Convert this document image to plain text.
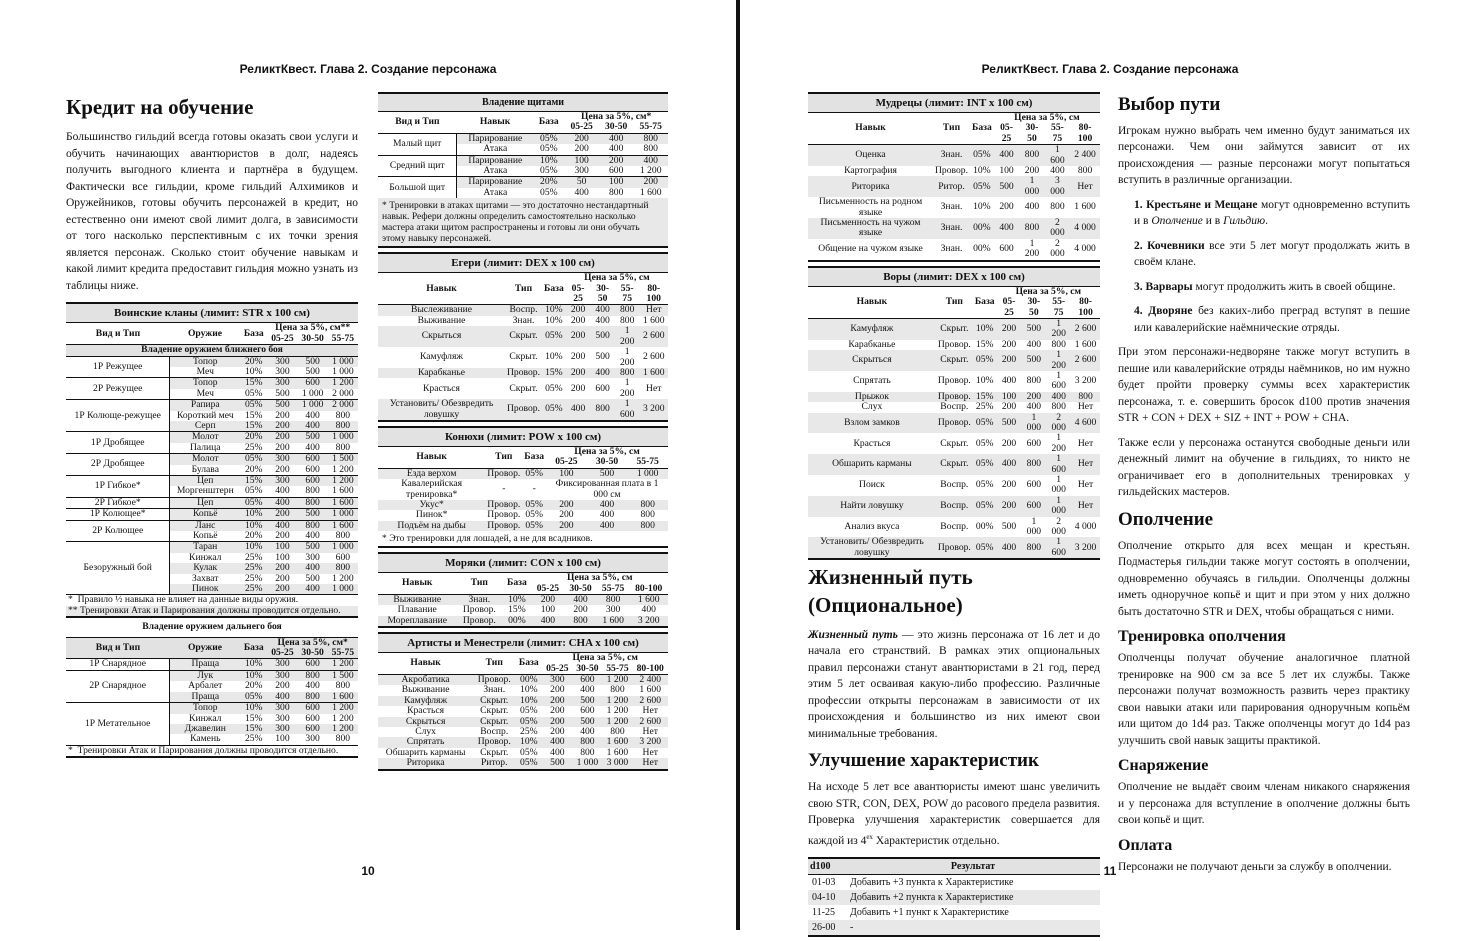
РеликтКвест. Глава 2. Создание персонажа
Кредит на обучение

Большинство гильдий всегда готовы оказать свои услуги и обучить начинающих авантюристов в долг, надеясь получить выгодного клиента и партнёра в будущем. Фактически все гильдии, кроме гильдий Алхимиков и Оружейников, готовы обучить персонажей в кредит, но естественно они имеют свой лимит долга, в зависимости от того насколько перспективным с их точки зрения является персонаж. Сколько стоит обучение навыкам и какой лимит кредита предоставит гильдия можно узнать из таблицы ниже.

Воинские кланы (лимит: STR x 100 см)
Вид и Тип	Оружие	База	Цена за 5%, см**		
			05-25	30-50	55-75
Владение оружием ближнего боя					
1Р Режущее	Топор	20%	300	500	1 000
	Меч	10%	300	500	1 000
2Р Режущее	Топор	15%	300	600	1 200
	Меч	05%	500	1 000	2 000
1Р Колюще-режущее	Рапира	05%	500	1 000	2 000
	Короткий меч	15%	200	400	800
	Серп	15%	200	400	800
1Р Дробящее	Молот	20%	200	500	1 000
	Палица	25%	200	400	800
2Р Дробящее	Молот	05%	300	600	1 500
	Булава	20%	200	600	1 200
1Р Гибкое*	Цеп	15%	300	600	1 200
	Моргенштерн	05%	400	800	1 600
2Р Гибкое*	Цеп	05%	400	800	1 600
1Р Колющее*	Копьё	10%	200	500	1 000
2Р Колющее	Ланс	10%	400	800	1 600
	Копьё	20%	200	400	800
Безоружный бой	Таран	10%	100	500	1 000
	Кинжал	25%	100	300	600
	Кулак	25%	200	400	800
	Захват	25%	200	500	1 200
	Пинок	25%	200	400	1 000
*  Правило ½ навыка не влияет на данные виды оружия.					
** Тренировки Атак и Парирования должны проводится отдельно.					
Владение оружием дальнего боя					
Вид и Тип	Оружие	База	Цена за 5%, см*		
			05-25	30-50	55-75
1Р Снарядное	Праща	10%	300	600	1 200
2Р Снарядное	Лук	10%	300	800	1 500
	Арбалет	20%	200	400	800
	Праща	05%	400	800	1 600
1Р Метательное	Топор	10%	300	600	1 200
	Кинжал	15%	300	600	1 200
	Джавелин	15%	300	600	1 200
	Камень	25%	100	300	800
*  Тренировки Атак и Парирования должны проводится отдельно.					
Владение щитами
Вид и Тип	Навык	База	Цена за 5%, см*		
			05-25	30-50	55-75
Малый щит	Парирование	05%	200	400	800
	Атака	05%	200	400	800
Средний щит	Парирование	10%	100	200	400
	Атака	05%	300	600	1 200
Большой щит	Парирование	20%	50	100	200
	Атака	05%	400	800	1 600
* Тренировки в атаках щитами — это достаточно нестандартный навык. Рефери должны определить самостоятельно насколько мастера атаки щитом распространены и готовы ли они обучать этому навыку персонажей.
Егери (лимит: DEX x 100 см)
Навык	Тип	База	Цена за 5%, см			
			05-25	30-50	55-75	80-100
Выслеживание	Воспр.	10%	200	400	800	Нет
Выживание	Знан.	10%	200	400	800	1 600
Скрыться	Скрыт.	05%	200	500	1 200	2 600
Камуфляж	Скрыт.	10%	200	500	1 200	2 600
Карабканье	Провор.	15%	200	400	800	1 600
Красться	Скрыт.	05%	200	600	1 200	Нет
Установить/ Обезвредить ловушку	Провор.	05%	400	800	1 600	3 200
Конюхи (лимит: POW x 100 см)
Навык	Тип	База	Цена за 5%, см		
			05-25	30-50	55-75
Езда верхом	Провор.	05%	100	500	1 000
Кавалерийская тренировка*	-	-	Фиксированная плата в 1 000 см		
Укус*	Провор.	05%	200	400	800
Пинок*	Провор.	05%	200	400	800
Подъём на дыбы	Провор.	05%	200	400	800
* Это тренировки для лошадей, а не для всадников.
Моряки (лимит: CON x 100 см)
Навык	Тип	База	Цена за 5%, см			
			05-25	30-50	55-75	80-100
Выживание	Знан.	10%	200	400	800	1 600
Плавание	Провор.	15%	100	200	300	400
Мореплавание	Провор.	00%	400	800	1 600	3 200
Артисты и Менестрели (лимит: CHA x 100 см)
Навык	Тип	База	Цена за 5%, см			
			05-25	30-50	55-75	80-100
Акробатика	Провор.	00%	300	600	1 200	2 400
Выживание	Знан.	10%	200	400	800	1 600
Камуфляж	Скрыт.	10%	200	500	1 200	2 600
Красться	Скрыт.	05%	200	600	1 200	Нет
Скрыться	Скрыт.	05%	200	500	1 200	2 600
Слух	Воспр.	25%	200	400	800	Нет
Спрятать	Провор.	10%	400	800	1 600	3 200
Обшарить карманы	Скрыт.	05%	400	800	1 600	Нет
Риторика	Ритор.	05%	500	1 000	3 000	Нет
10
РеликтКвест. Глава 2. Создание персонажа
Мудрецы (лимит: INT x 100 см)
Навык	Тип	База	Цена за 5%, см			
			05-25	30-50	55-75	80-100
Оценка	Знан.	05%	400	800	1 600	2 400
Картография	Провор.	10%	100	200	400	800
Риторика	Ритор.	05%	500	1 000	3 000	Нет
Письменность на родном языке	Знан.	10%	200	400	800	1 600
Письменность на чужом языке	Знан.	00%	400	800	2 000	4 000
Общение на чужом языке	Знан.	00%	600	1 200	2 000	4 000
Воры (лимит: DEX x 100 см)
Навык	Тип	База	Цена за 5%, см			
			05-25	30-50	55-75	80-100
Камуфляж	Скрыт.	10%	200	500	1 200	2 600
Карабканье	Провор.	15%	200	400	800	1 600
Скрыться	Скрыт.	05%	200	500	1 200	2 600
Спрятать	Провор.	10%	400	800	1 600	3 200
Прыжок	Провор.	15%	100	200	400	800
Слух	Воспр.	25%	200	400	800	Нет
Взлом замков	Провор.	05%	500	1 000	2 000	4 600
Красться	Скрыт.	05%	200	600	1 200	Нет
Обшарить карманы	Скрыт.	05%	400	800	1 600	Нет
Поиск	Воспр.	05%	200	600	1 000	Нет
Найти ловушку	Воспр.	05%	200	600	1 000	Нет
Анализ вкуса	Воспр.	00%	500	1 000	2 000	4 000
Установить/ Обезвредить ловушку	Провор.	05%	400	800	1 600	3 200
Жизненный путь (Опциональное)

Жизненный путь — это жизнь персонажа от 16 лет и до начала его странствий. В рамках этих опциональных правил персонажи станут авантюристами в 21 год, перед этим 5 лет осваивая какую-либо профессию. Различные профессии открыты персонажам в зависимости от их происхождения и большинство из них имеют свои минимальные требования.

Улучшение характеристик

На исходе 5 лет все авантюристы имеют шанс увеличить свою STR, CON, DEX, POW до расового предела развития. Проверка улучшения характеристик совершается для каждой из $4^{ех}$ Характеристик отдельно.

d100	Результат
01-03	Добавить +3 пункта к Характеристике
04-10	Добавить +2 пункта к Характеристике
11-25	Добавить +1 пункт к Характеристике
26-00	-
Выбор пути

Игрокам нужно выбрать чем именно будут заниматься их персонажи. Чем они займутся зависит от их происхождения — разные персонажи могут попытаться вступить в различные организации.

1. Крестьяне и Мещане могут одновременно вступить и в Ополчение и в Гильдию.

2. Кочевники все эти 5 лет могут продолжать жить в своём клане.

3. Варвары могут продолжить жить в своей общине.

4. Дворяне без каких-либо преград вступят в пешие или кавалерийские наёмнические отряды.

При этом персонажи-недворяне также могут вступить в пешие или кавалерийские отряды наёмников, но им нужно будет пройти проверку суммы всех характеристик персонажа, т. е. совершить бросок d100 против значения STR + CON + DEX + SIZ + INT + POW + CHA.

Также если у персонажа останутся свободные деньги или денежный лимит на обучение в гильдиях, то никто не ограничивает его в дополнительных тренировках у гильдейских мастеров.

Ополчение

Ополчение открыто для всех мещан и крестьян. Подмастерья гильдии также могут состоять в ополчении, одновременно обучаясь в гильдии. Ополченцы должны иметь одноручное копьё и щит и при этом у них должно быть достаточно STR и DEX, чтобы обращаться с ними.

Тренировка ополчения

Ополченцы получат обучение аналогичное платной тренировке на 900 см за все 5 лет их службы. Также персонажи получат возможность развить через практику свои навыки атаки или парирования одноручным копьём или щитом до 1d4 раз. Также ополченцы могут до 1d4 раз улучшить свой навык защиты практикой.

Снаряжение

Ополчение не выдаёт своим членам никакого снаряжения и у персонажа для вступление в ополчение должны быть свои копьё и щит.

Оплата

Персонажи не получают деньги за службу в ополчении.

11
